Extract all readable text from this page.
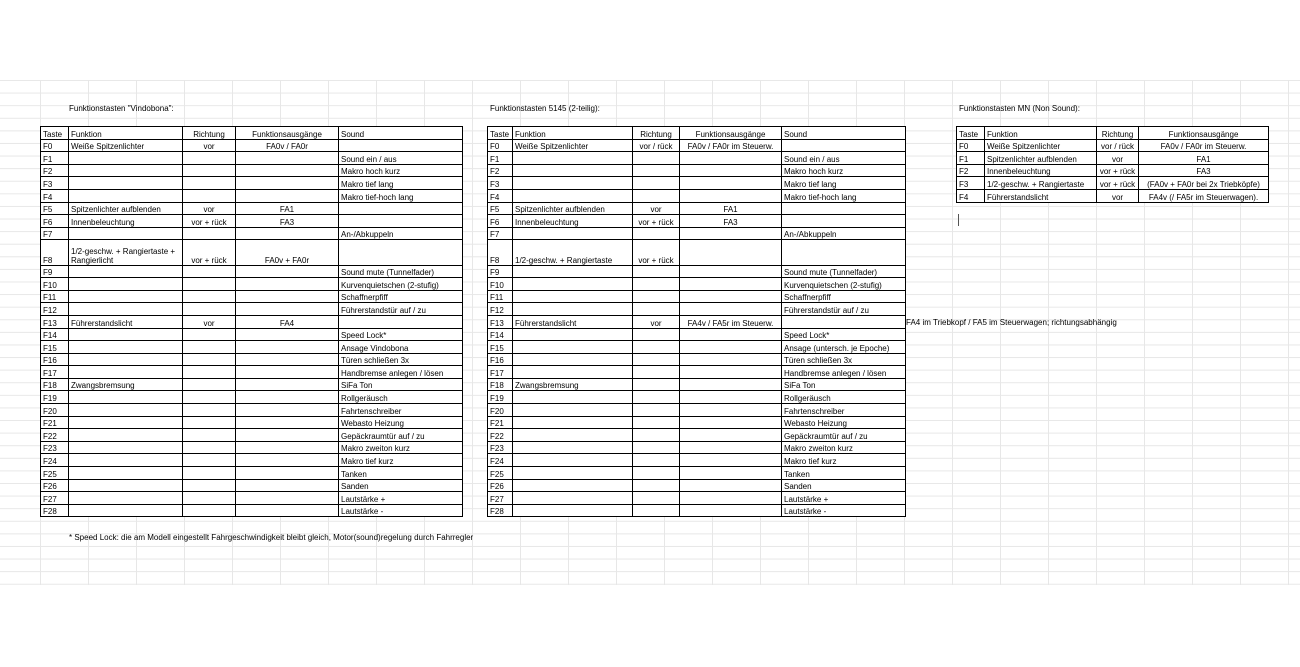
Funktionstasten "Vindobona":
Taste	Funktion	Richtung	Funktionsausgänge	Sound
F0	Weiße Spitzenlichter	vor	FA0v / FA0r	
F1				Sound ein / aus
F2				Makro hoch kurz
F3				Makro tief lang
F4				Makro tief-hoch lang
F5	Spitzenlichter aufblenden	vor	FA1	
F6	Innenbeleuchtung	vor + rück	FA3	
F7				An-/Abkuppeln
F8	1/2-geschw. + Rangiertaste + Rangierlicht	vor + rück	FA0v + FA0r	
F9				Sound mute (Tunnelfader)
F10				Kurvenquietschen (2-stufig)
F11				Schaffnerpfiff
F12				Führerstandstür auf / zu
F13	Führerstandslicht	vor	FA4	
F14				Speed Lock*
F15				Ansage Vindobona
F16				Türen schließen 3x
F17				Handbremse anlegen / lösen
F18	Zwangsbremsung			SiFa Ton
F19				Rollgeräusch
F20				Fahrtenschreiber
F21				Webasto Heizung
F22				Gepäckraumtür auf / zu
F23				Makro zweiton kurz
F24				Makro tief kurz
F25				Tanken
F26				Sanden
F27				Lautstärke +
F28				Lautstärke -
Funktionstasten 5145 (2-teilig):
Taste	Funktion	Richtung	Funktionsausgänge	Sound
F0	Weiße Spitzenlichter	vor / rück	FA0v / FA0r im Steuerw.	
F1				Sound ein / aus
F2				Makro hoch kurz
F3				Makro tief lang
F4				Makro tief-hoch lang
F5	Spitzenlichter aufblenden	vor	FA1	
F6	Innenbeleuchtung	vor + rück	FA3	
F7				An-/Abkuppeln
F8	1/2-geschw. + Rangiertaste	vor + rück		
F9				Sound mute (Tunnelfader)
F10				Kurvenquietschen (2-stufig)
F11				Schaffnerpfiff
F12				Führerstandstür auf / zu
F13	Führerstandslicht	vor	FA4v / FA5r im Steuerw.	
F14				Speed Lock*
F15				Ansage (untersch. je Epoche)
F16				Türen schließen 3x
F17				Handbremse anlegen / lösen
F18	Zwangsbremsung			SiFa Ton
F19				Rollgeräusch
F20				Fahrtenschreiber
F21				Webasto Heizung
F22				Gepäckraumtür auf / zu
F23				Makro zweiton kurz
F24				Makro tief kurz
F25				Tanken
F26				Sanden
F27				Lautstärke +
F28				Lautstärke -
FA4 im Triebkopf / FA5 im Steuerwagen; richtungsabhängig
Funktionstasten MN (Non Sound):
Taste	Funktion	Richtung	Funktionsausgänge
F0	Weiße Spitzenlichter	vor / rück	FA0v / FA0r im Steuerw.
F1	Spitzenlichter aufblenden	vor	FA1
F2	Innenbeleuchtung	vor + rück	FA3
F3	1/2-geschw. + Rangiertaste	vor + rück	(FA0v + FA0r bei 2x Triebköpfe)
F4	Führerstandslicht	vor	FA4v (/ FA5r im Steuerwagen).
* Speed Lock: die am Modell eingestellt Fahrgeschwindigkeit bleibt gleich, Motor(sound)regelung durch Fahrregler
